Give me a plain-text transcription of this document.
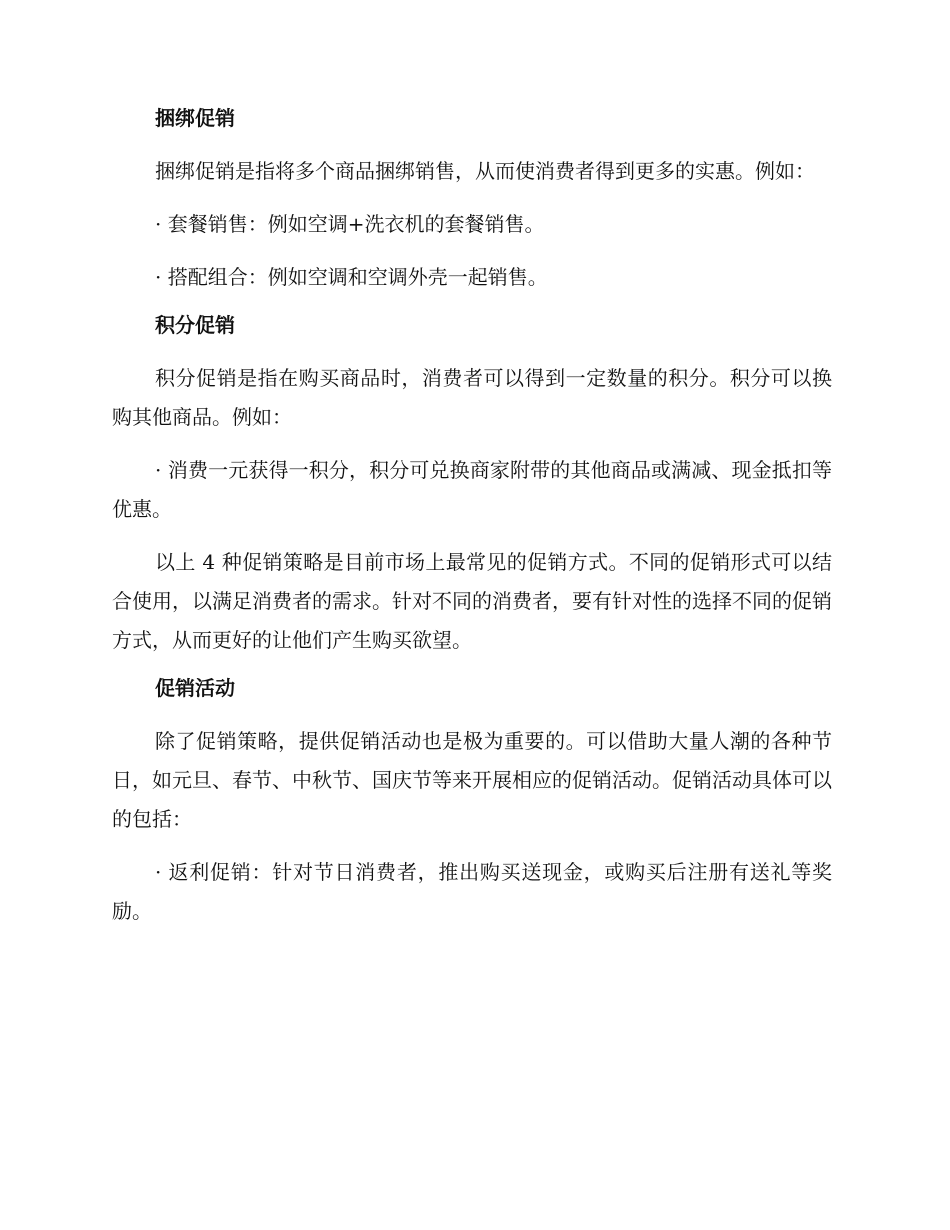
捆绑促销

捆绑促销是指将多个商品捆绑销售，从而使消费者得到更多的实惠。例如：

· 套餐销售：例如空调+洗衣机的套餐销售。

· 搭配组合：例如空调和空调外壳一起销售。

积分促销

积分促销是指在购买商品时，消费者可以得到一定数量的积分。积分可以换购其他商品。例如：

· 消费一元获得一积分，积分可兑换商家附带的其他商品或满减、现金抵扣等优惠。

以上 4 种促销策略是目前市场上最常见的促销方式。不同的促销形式可以结合使用，以满足消费者的需求。针对不同的消费者，要有针对性的选择不同的促销方式，从而更好的让他们产生购买欲望。

促销活动

除了促销策略，提供促销活动也是极为重要的。可以借助大量人潮的各种节日，如元旦、春节、中秋节、国庆节等来开展相应的促销活动。促销活动具体可以的包括：

· 返利促销：针对节日消费者，推出购买送现金，或购买后注册有送礼等奖励。
